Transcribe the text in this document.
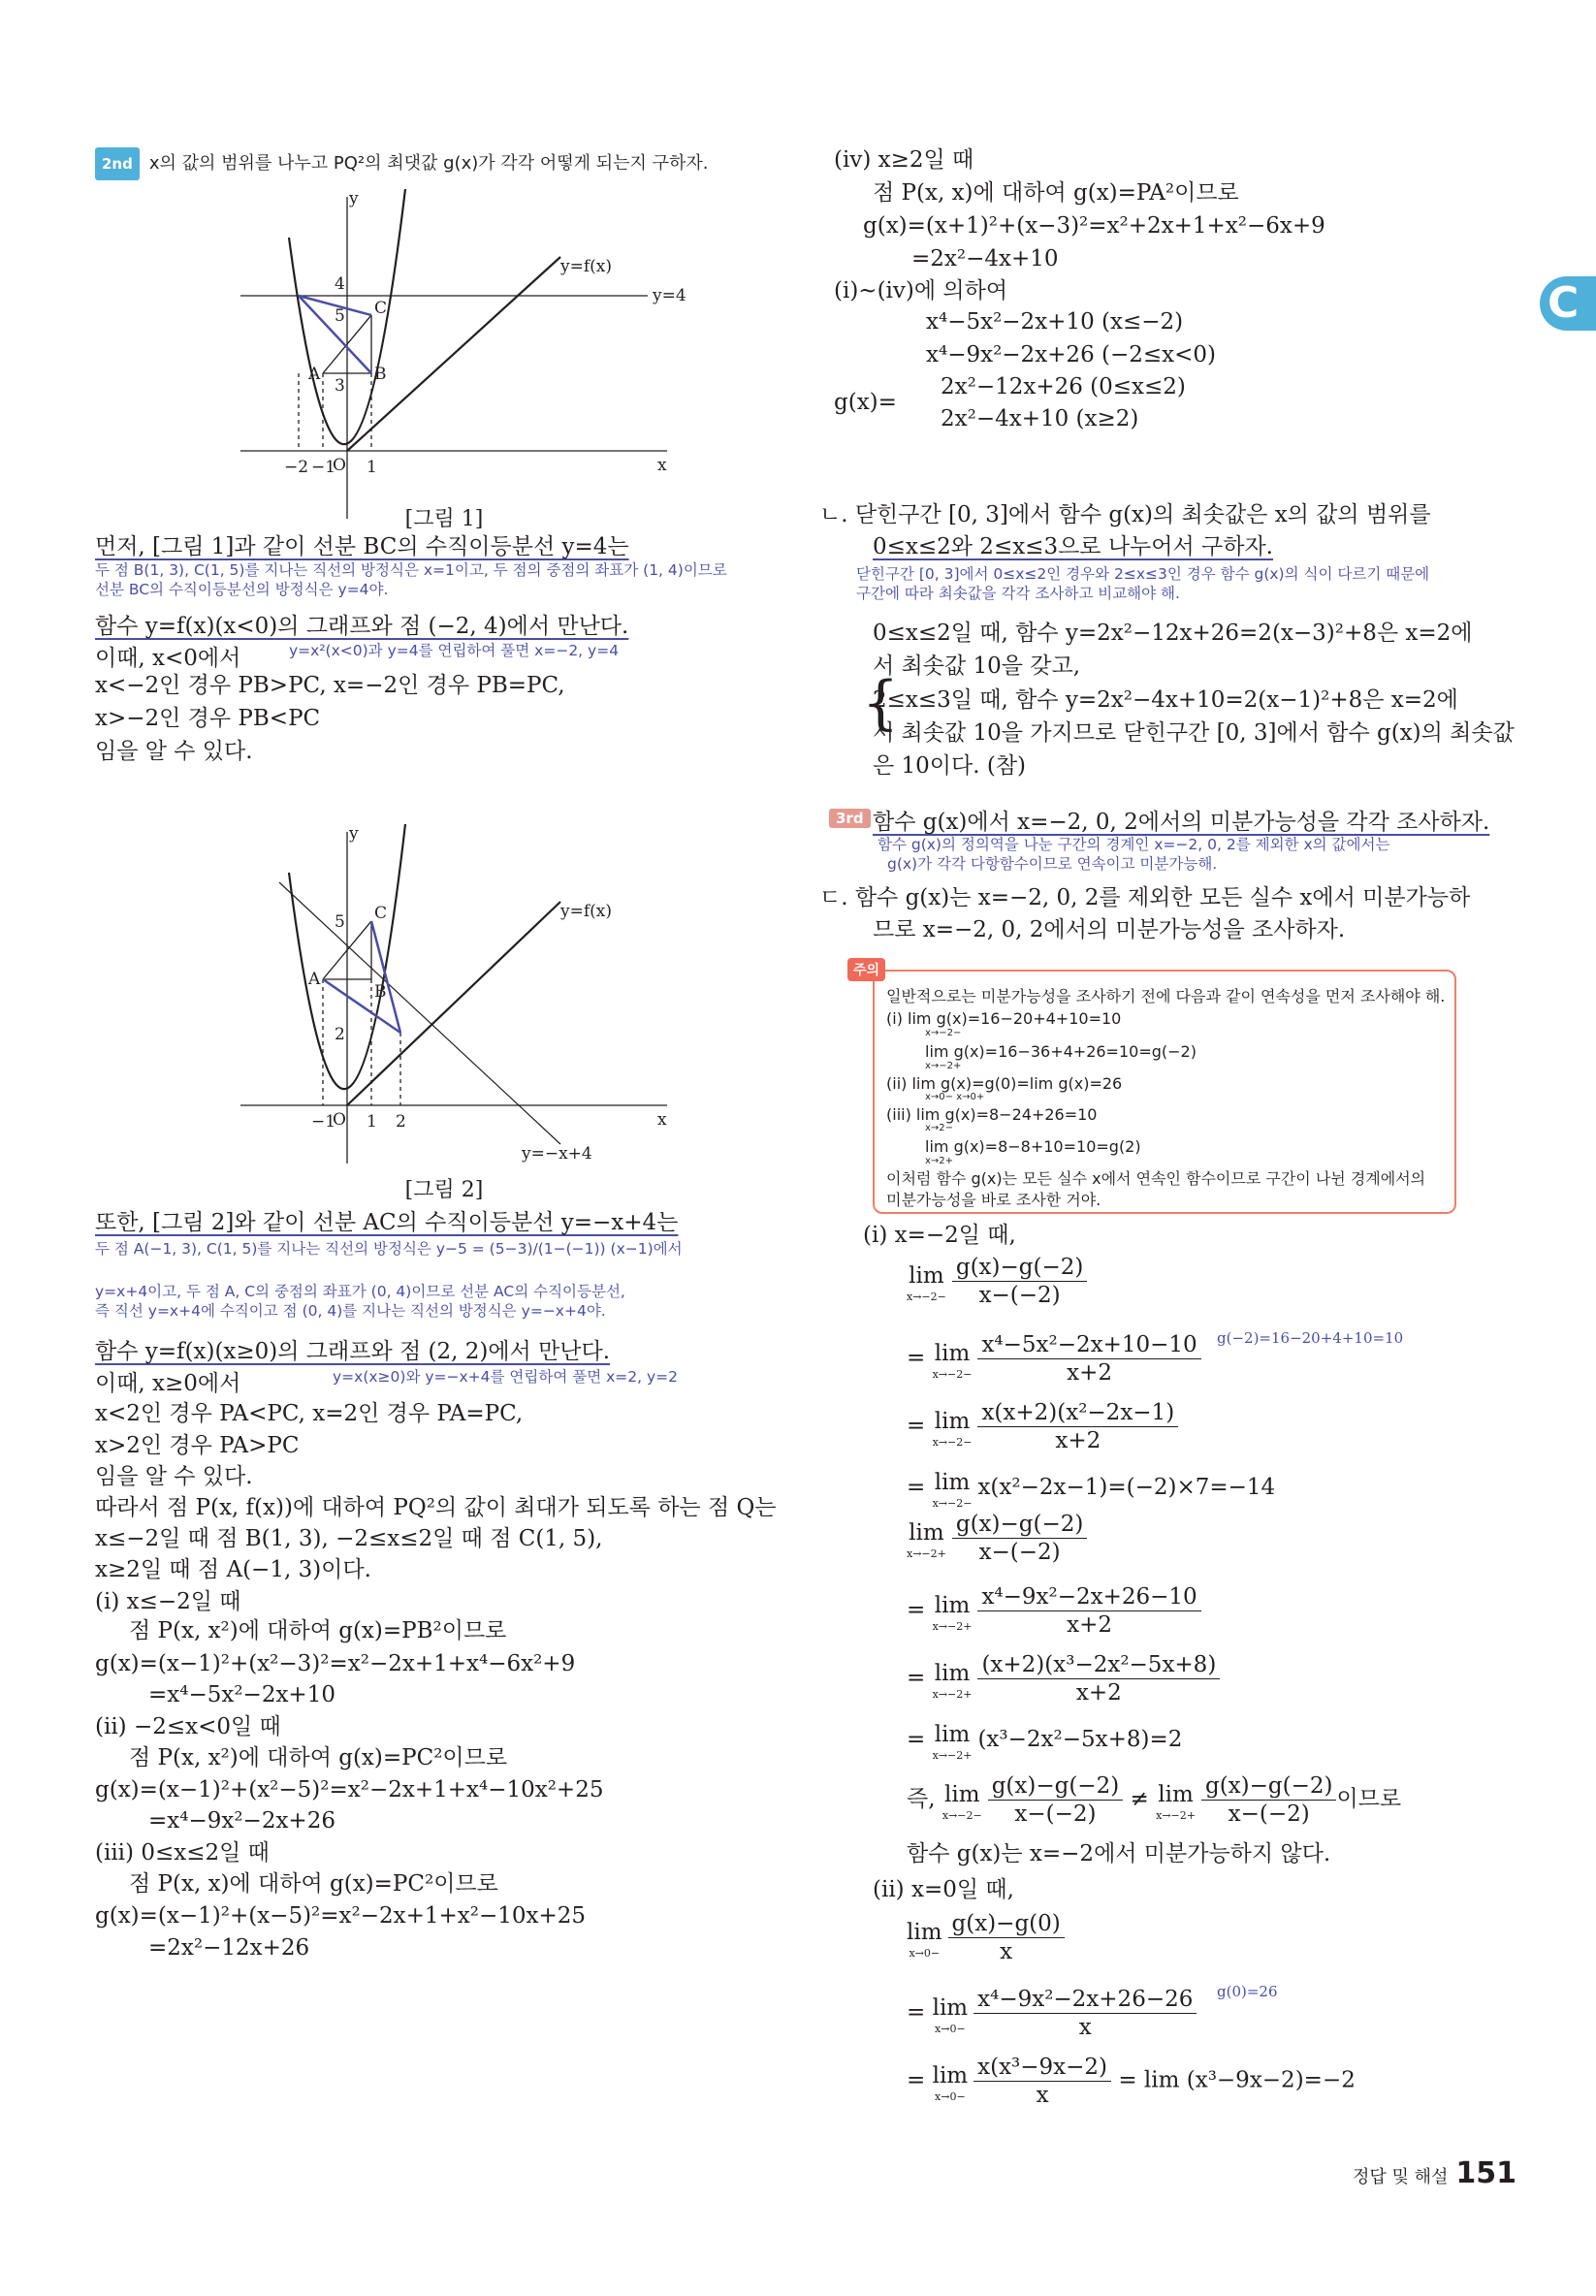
C
2nd x의 값의 범위를 나누고 PQ²의 최댓값 g(x)가 각각 어떻게 되는지 구하자.
y
x
O
y=f(x)
y=4
C
A	B
5
4
3
−2 −1 1
[그림 1]
먼저, [그림 1]과 같이 선분 BC의 수직이등분선 y=4는
두 점 B(1, 3), C(1, 5)를 지나는 직선의 방정식은 x=1이고, 두 점의 중점의 좌표가 (1, 4)이므로
선분 BC의 수직이등분선의 방정식은 y=4야.
함수 y=f(x)(x<0)의 그래프와 점 (−2, 4)에서 만난다.
이때, x<0에서	y=x²(x<0)과 y=4를 연립하여 풀면 x=−2, y=4
x<−2인 경우 PB>PC, x=−2인 경우 PB=PC,
x>−2인 경우 PB<PC
임을 알 수 있다.
y
x
O
y=f(x)
y=−x+4
C
A
B
5
2
−1 1 2
[그림 2]
또한, [그림 2]와 같이 선분 AC의 수직이등분선 y=−x+4는
두 점 A(−1, 3), C(1, 5)를 지나는 직선의 방정식은 y−5 = (5−3)/(1−(−1)) (x−1)에서
y=x+4이고, 두 점 A, C의 중점의 좌표가 (0, 4)이므로 선분 AC의 수직이등분선,
즉 직선 y=x+4에 수직이고 점 (0, 4)를 지나는 직선의 방정식은 y=−x+4야.
함수 y=f(x)(x≥0)의 그래프와 점 (2, 2)에서 만난다.
이때, x≥0에서	y=x(x≥0)와 y=−x+4를 연립하여 풀면 x=2, y=2
x<2인 경우 PA<PC, x=2인 경우 PA=PC,
x>2인 경우 PA>PC
임을 알 수 있다.
따라서 점 P(x, f(x))에 대하여 PQ²의 값이 최대가 되도록 하는 점 Q는
x≤−2일 때 점 B(1, 3), −2≤x≤2일 때 점 C(1, 5),
x≥2일 때 점 A(−1, 3)이다.
(i) x≤−2일 때
점 P(x, x²)에 대하여 g(x)=PB²이므로
g(x)=(x−1)²+(x²−3)²=x²−2x+1+x⁴−6x²+9
=x⁴−5x²−2x+10
(ii) −2≤x<0일 때
점 P(x, x²)에 대하여 g(x)=PC²이므로
g(x)=(x−1)²+(x²−5)²=x²−2x+1+x⁴−10x²+25
=x⁴−9x²−2x+26
(iii) 0≤x≤2일 때
점 P(x, x)에 대하여 g(x)=PC²이므로
g(x)=(x−1)²+(x−5)²=x²−2x+1+x²−10x+25
=2x²−12x+26
(iv) x≥2일 때
점 P(x, x)에 대하여 g(x)=PA²이므로
g(x)=(x+1)²+(x−3)²=x²+2x+1+x²−6x+9
=2x²−4x+10
(i)~(iv)에 의하여
x⁴−5x²−2x+10 (x≤−2)
x⁴−9x²−2x+26 (−2≤x<0)
2x²−12x+26 (0≤x≤2)
2x²−4x+10 (x≥2)
g(x)=
ㄴ. 닫힌구간 [0, 3]에서 함수 g(x)의 최솟값은 x의 값의 범위를
0≤x≤2와 2≤x≤3으로 나누어서 구하자.
닫힌구간 [0, 3]에서 0≤x≤2인 경우와 2≤x≤3인 경우 함수 g(x)의 식이 다르기 때문에
구간에 따라 최솟값을 각각 조사하고 비교해야 해.
0≤x≤2일 때, 함수 y=2x²−12x+26=2(x−3)²+8은 x=2에
서 최솟값 10을 갖고,
2≤x≤3일 때, 함수 y=2x²−4x+10=2(x−1)²+8은 x=2에
서 최솟값 10을 가지므로 닫힌구간 [0, 3]에서 함수 g(x)의 최솟값
은 10이다. (참)
함수 g(x)에서 x=−2, 0, 2에서의 미분가능성을 각각 조사하자.
함수 g(x)의 정의역을 나눈 구간의 경계인 x=−2, 0, 2를 제외한 x의 값에서는
g(x)가 각각 다항함수이므로 연속이고 미분가능해.
ㄷ. 함수 g(x)는 x=−2, 0, 2를 제외한 모든 실수 x에서 미분가능하
므로 x=−2, 0, 2에서의 미분가능성을 조사하자.
3rd
{
주의
일반적으로는 미분가능성을 조사하기 전에 다음과 같이 연속성을 먼저 조사해야 해.
(i) lim g(x)=16−20+4+10=10
x→−2−
lim g(x)=16−36+4+26=10=g(−2)
x→−2+
(ii) lim g(x)=g(0)=lim g(x)=26
x→0− x→0+
(iii) lim g(x)=8−24+26=10
x→2−
lim g(x)=8−8+10=10=g(2)
x→2+
이처럼 함수 g(x)는 모든 실수 x에서 연속인 함수이므로 구간이 나뉜 경계에서의
미분가능성을 바로 조사한 거야.
(i) x=−2일 때,
lim
$x\to-2- \frac{g(x)-g(-2)}{x-(-2)}$
= lim
$x\to-2- \frac{\text{x⁴−5x²−2x+10−10}}{x+2} g(-2)=16-20+4+10=10$
= lim
$x\to-2- \frac{\text{x(x+2)(x²−2x−1)}}{x+2}$
= lim
x→−2−
x(x²−2x−1)=(−2)×7=−14
lim
$x\to-2+ \frac{g(x)-g(-2)}{x-(-2)}$
= lim
$x\to-2+ \frac{\text{x⁴−9x²−2x+26−10}}{x+2}$
= lim
$x\to-2+ \frac{\text{(x+2)(x³−2x²−5x+8)}}{x+2}$
= lim
x→−2+
(x³−2x²−5x+8)=2
즉, lim
$x\to-2- \frac{g(x)-g(-2)}{x-(-2)} \ne \lim$
$x\to-2+ \frac{g(x)-g(-2)}{x-(-2)}$ 이므로
함수 g(x)는 x=−2에서 미분가능하지 않다.
(ii) x=0일 때,
lim
$x\to 0- \frac{g(x)-g(0)}{x}$
= lim
$x\to 0- \frac{\text{x⁴−9x²−2x+26−26}}{x} g(0)=26$
= lim
$x\to 0- \frac{\text{x(x³−9x−2)}}{x} = \lim (x^3-9x-2)=-2$
정답 및 해설 151
